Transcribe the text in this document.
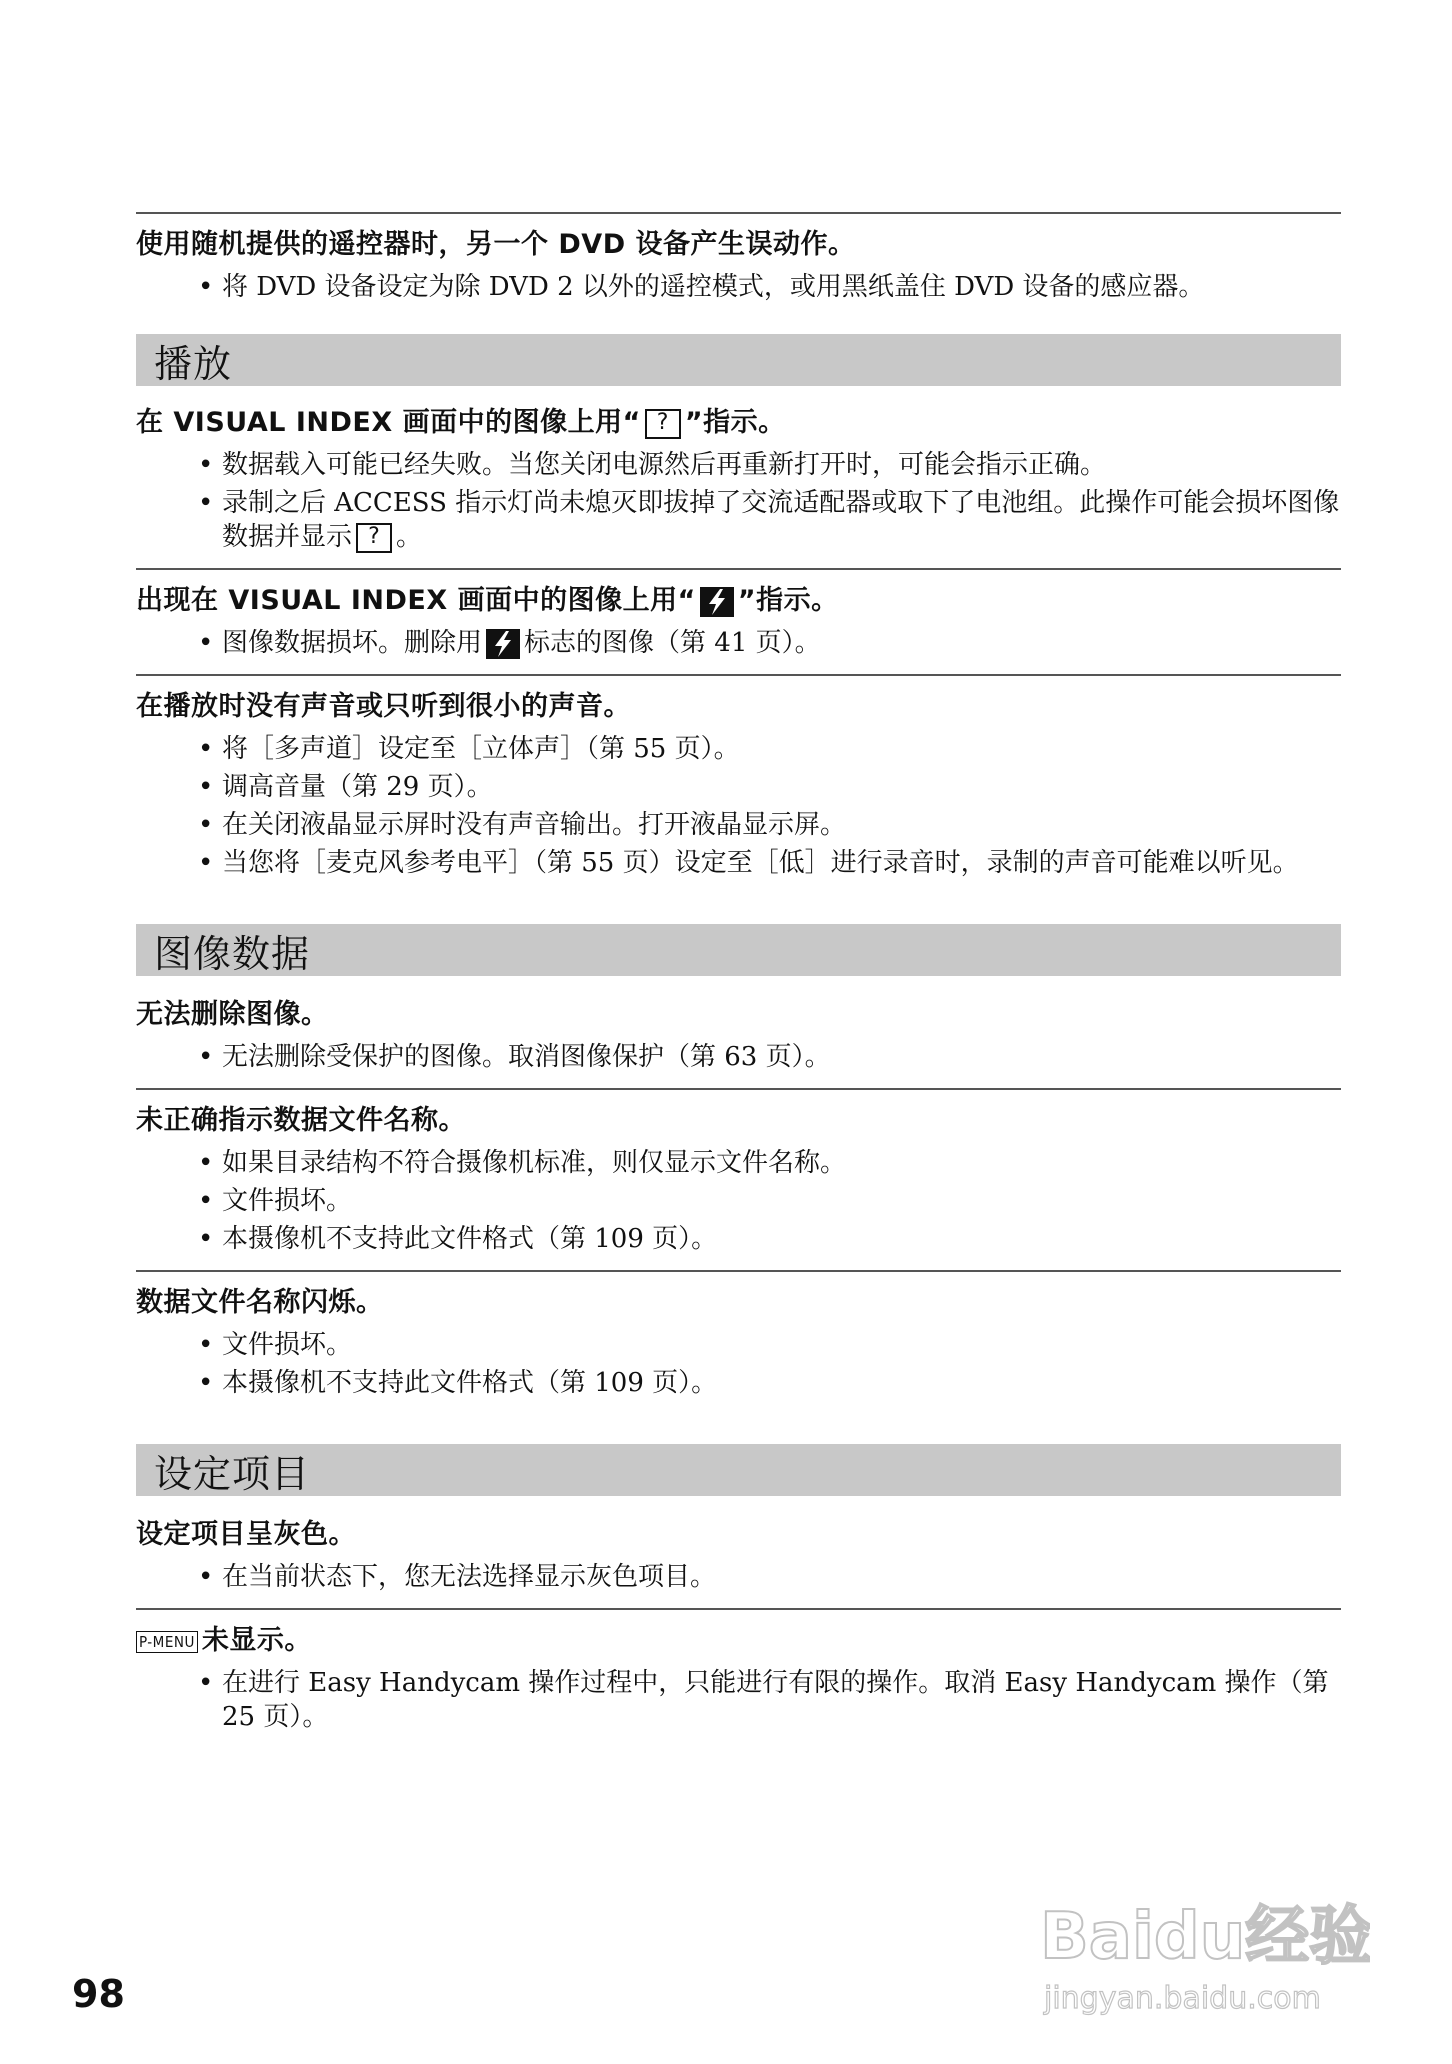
使用随机提供的遥控器时，另一个 DVD 设备产生误动作。
• 将 DVD 设备设定为除 DVD 2 以外的遥控模式，或用黑纸盖住 DVD 设备的感应器。
播放
在 VISUAL INDEX 画面中的图像上用“ ? ”指示。
• 数据载入可能已经失败。当您关闭电源然后再重新打开时，可能会指示正确。
• 录制之后 ACCESS 指示灯尚未熄灭即拔掉了交流适配器或取下了电池组。此操作可能会损坏图像数据并显示 ? 。
出现在 VISUAL INDEX 画面中的图像上用“ ”指示。
• 图像数据损坏。删除用 标志的图像（第 41 页）。
在播放时没有声音或只听到很小的声音。
• 将［多声道］设定至［立体声］（第 55 页）。
• 调高音量（第 29 页）。
• 在关闭液晶显示屏时没有声音输出。打开液晶显示屏。
• 当您将［麦克风参考电平］（第 55 页）设定至［低］进行录音时，录制的声音可能难以听见。
图像数据
无法删除图像。
• 无法删除受保护的图像。取消图像保护（第 63 页）。
未正确指示数据文件名称。
• 如果目录结构不符合摄像机标准，则仅显示文件名称。
• 文件损坏。
• 本摄像机不支持此文件格式（第 109 页）。
数据文件名称闪烁。
• 文件损坏。
• 本摄像机不支持此文件格式（第 109 页）。
设定项目
设定项目呈灰色。
• 在当前状态下，您无法选择显示灰色项目。
P-MENU 未显示。
• 在进行 Easy Handycam 操作过程中，只能进行有限的操作。取消 Easy Handycam 操作（第 25 页）。
98
Baidu经验
jingyan.baidu.com
